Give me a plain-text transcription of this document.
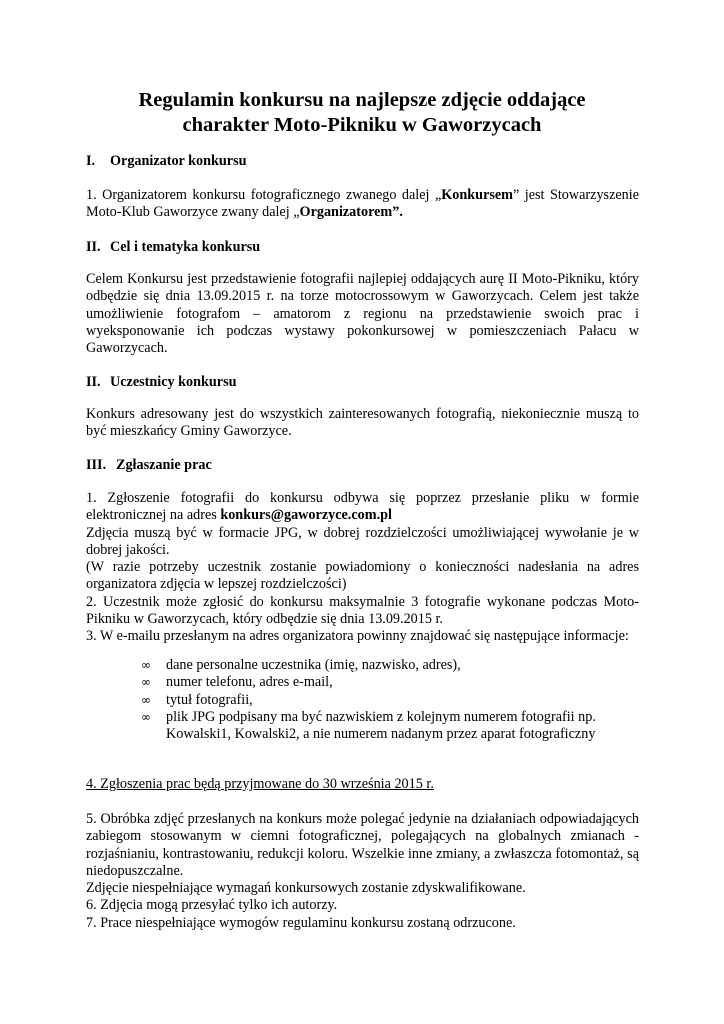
Regulamin konkursu na najlepsze zdjęcie oddające
charakter Moto-Pikniku w Gaworzycach
I. Organizator konkursu
1. Organizatorem konkursu fotograficznego zwanego dalej „Konkursem” jest Stowarzyszenie
Moto-Klub Gaworzyce zwany dalej „Organizatorem”.
II. Cel i tematyka konkursu

Celem Konkursu jest przedstawienie fotografii najlepiej oddających aurę II Moto-Pikniku, który odbędzie się dnia 13.09.2015 r. na torze motocrossowym w Gaworzycach. Celem jest także umożliwienie fotografom – amatorom z regionu na przedstawienie swoich prac i wyeksponowanie ich podczas wystawy pokonkursowej w pomieszczeniach Pałacu w Gaworzycach.

II. Uczestnicy konkursu

Konkurs adresowany jest do wszystkich zainteresowanych fotografią, niekoniecznie muszą to być mieszkańcy Gminy Gaworzyce.

III. Zgłaszanie prac

1. Zgłoszenie fotografii do konkursu odbywa się poprzez przesłanie pliku w formie elektronicznej na adres konkurs@gaworzyce.com.pl

Zdjęcia muszą być w formacie JPG, w dobrej rozdzielczości umożliwiającej wywołanie je w dobrej jakości.

(W razie potrzeby uczestnik zostanie powiadomiony o konieczności nadesłania na adres organizatora zdjęcia w lepszej rozdzielczości)

2. Uczestnik może zgłosić do konkursu maksymalnie 3 fotografie wykonane podczas Moto-Pikniku w Gaworzycach, który odbędzie się dnia 13.09.2015 r.

3. W e-mailu przesłanym na adres organizatora powinny znajdować się następujące informacje:

∞	dane personalne uczestnika (imię, nazwisko, adres),
∞	numer telefonu, adres e-mail,
∞	tytuł fotografii,
∞	plik JPG podpisany ma być nazwiskiem z kolejnym numerem fotografii np. Kowalski1, Kowalski2, a nie numerem nadanym przez aparat fotograficzny
4. Zgłoszenia prac będą przyjmowane do 30 września 2015 r.

5. Obróbka zdjęć przesłanych na konkurs może polegać jedynie na działaniach odpowiadających zabiegom stosowanym w ciemni fotograficznej, polegających na globalnych zmianach - rozjaśnianiu, kontrastowaniu, redukcji koloru. Wszelkie inne zmiany, a zwłaszcza fotomontaż, są niedopuszczalne.

Zdjęcie niespełniające wymagań konkursowych zostanie zdyskwalifikowane.

6. Zdjęcia mogą przesyłać tylko ich autorzy.

7. Prace niespełniające wymogów regulaminu konkursu zostaną odrzucone.
